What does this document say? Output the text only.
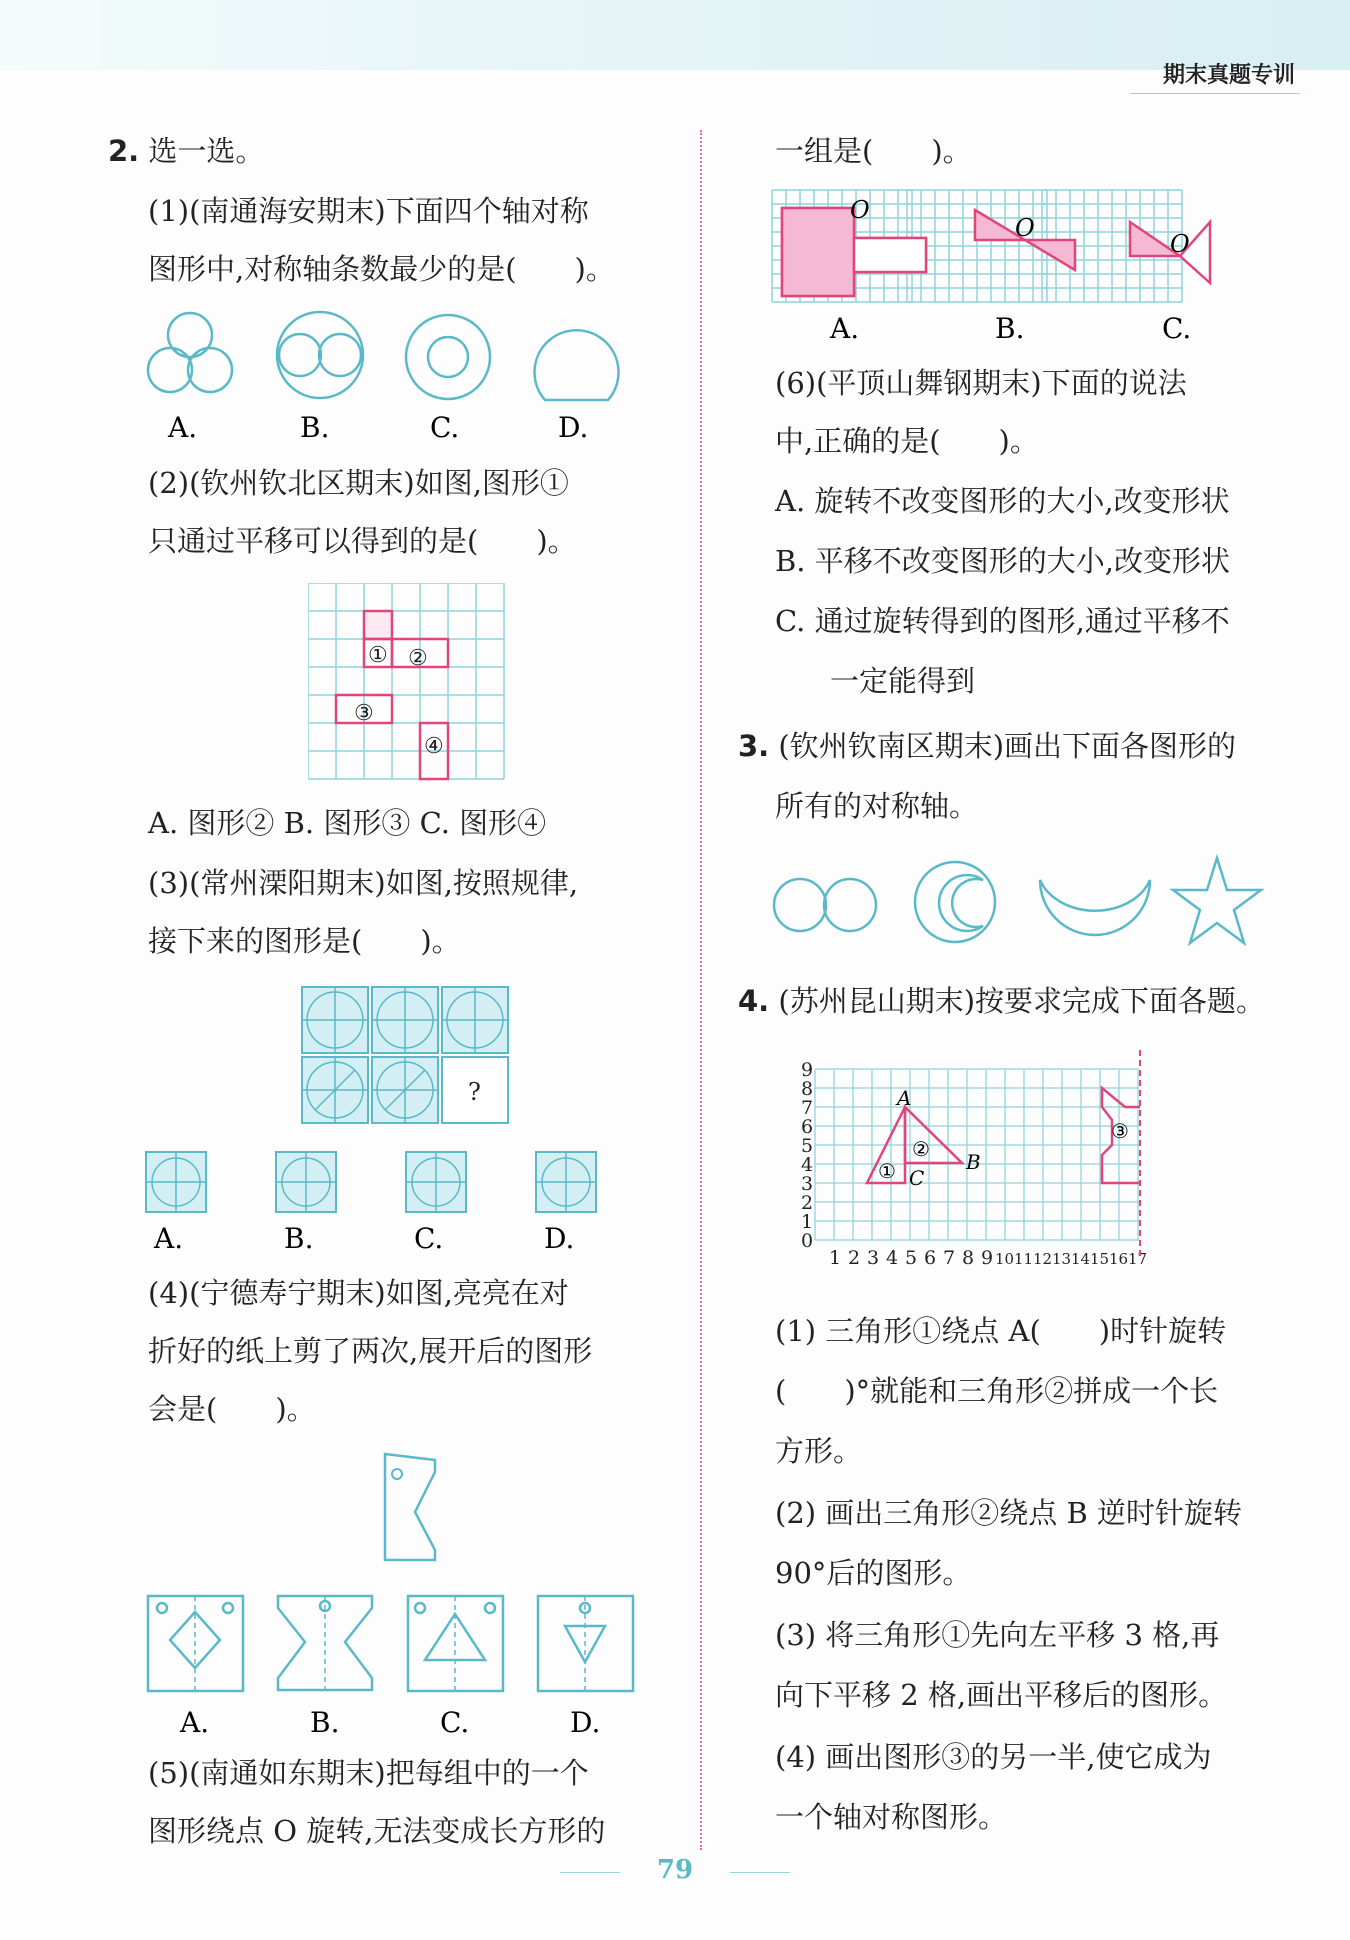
期末真题专训
2. 选一选。
(1)(南通海安期末)下面四个轴对称
图形中,对称轴条数最少的是(　　)。
A.	B.	C.	D.
(2)(钦州钦北区期末)如图,图形①
只通过平移可以得到的是(　　)。
① ②
③
④
A. 图形② B. 图形③ C. 图形④
(3)(常州溧阳期末)如图,按照规律,
接下来的图形是(　　)。
?
A.	B.	C.	D.
(4)(宁德寿宁期末)如图,亮亮在对
折好的纸上剪了两次,展开后的图形
会是(　　)。
A.	B.	C.	D.
(5)(南通如东期末)把每组中的一个
图形绕点 O 旋转,无法变成长方形的
一组是(　　)。
O
O
O
A.	B.	C.
(6)(平顶山舞钢期末)下面的说法
中,正确的是(　　)。
A. 旋转不改变图形的大小,改变形状
B. 平移不改变图形的大小,改变形状
C. 通过旋转得到的图形,通过平移不
一定能得到
3. (钦州钦南区期末)画出下面各图形的
所有的对称轴。
4. (苏州昆山期末)按要求完成下面各题。
0
1
2
3
4
5
6
7
8
9
1 2 3 4 5 6 7 8 9 10 11 12 13 14 15 16 17
A
B
C
①
②
③
(1) 三角形①绕点 A(　　)时针旋转
(　　)°就能和三角形②拼成一个长
方形。
(2) 画出三角形②绕点 B 逆时针旋转
90°后的图形。
(3) 将三角形①先向左平移 3 格,再
向下平移 2 格,画出平移后的图形。
(4) 画出图形③的另一半,使它成为
一个轴对称图形。
79
